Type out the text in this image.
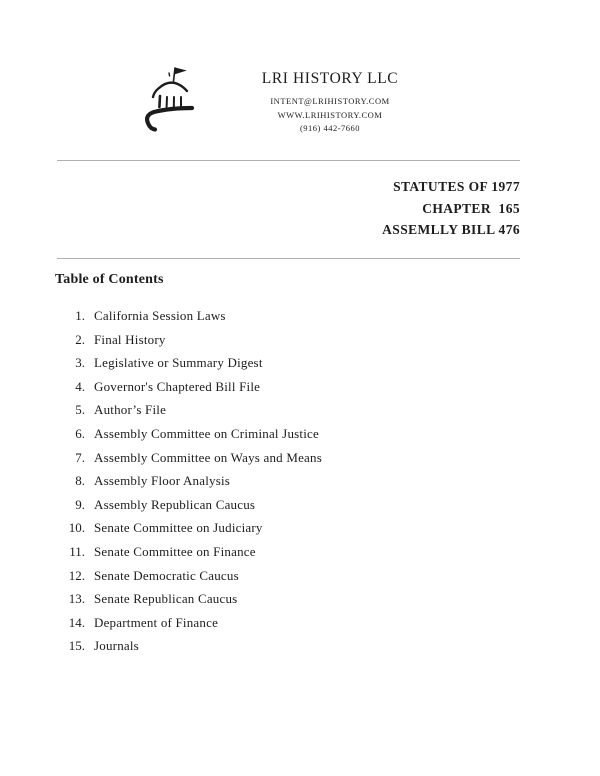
LRI HISTORY LLC
INTENT@LRIHISTORY.COM
WWW.LRIHISTORY.COM
(916) 442-7660
STATUTES OF 1977
CHAPTER  165
ASSEMLLY BILL 476
Table of Contents
1. California Session Laws
2. Final History
3. Legislative or Summary Digest
4. Governor's Chaptered Bill File
5. Author’s File
6. Assembly Committee on Criminal Justice
7. Assembly Committee on Ways and Means
8. Assembly Floor Analysis
9. Assembly Republican Caucus
10. Senate Committee on Judiciary
11. Senate Committee on Finance
12. Senate Democratic Caucus
13. Senate Republican Caucus
14. Department of Finance
15. Journals
